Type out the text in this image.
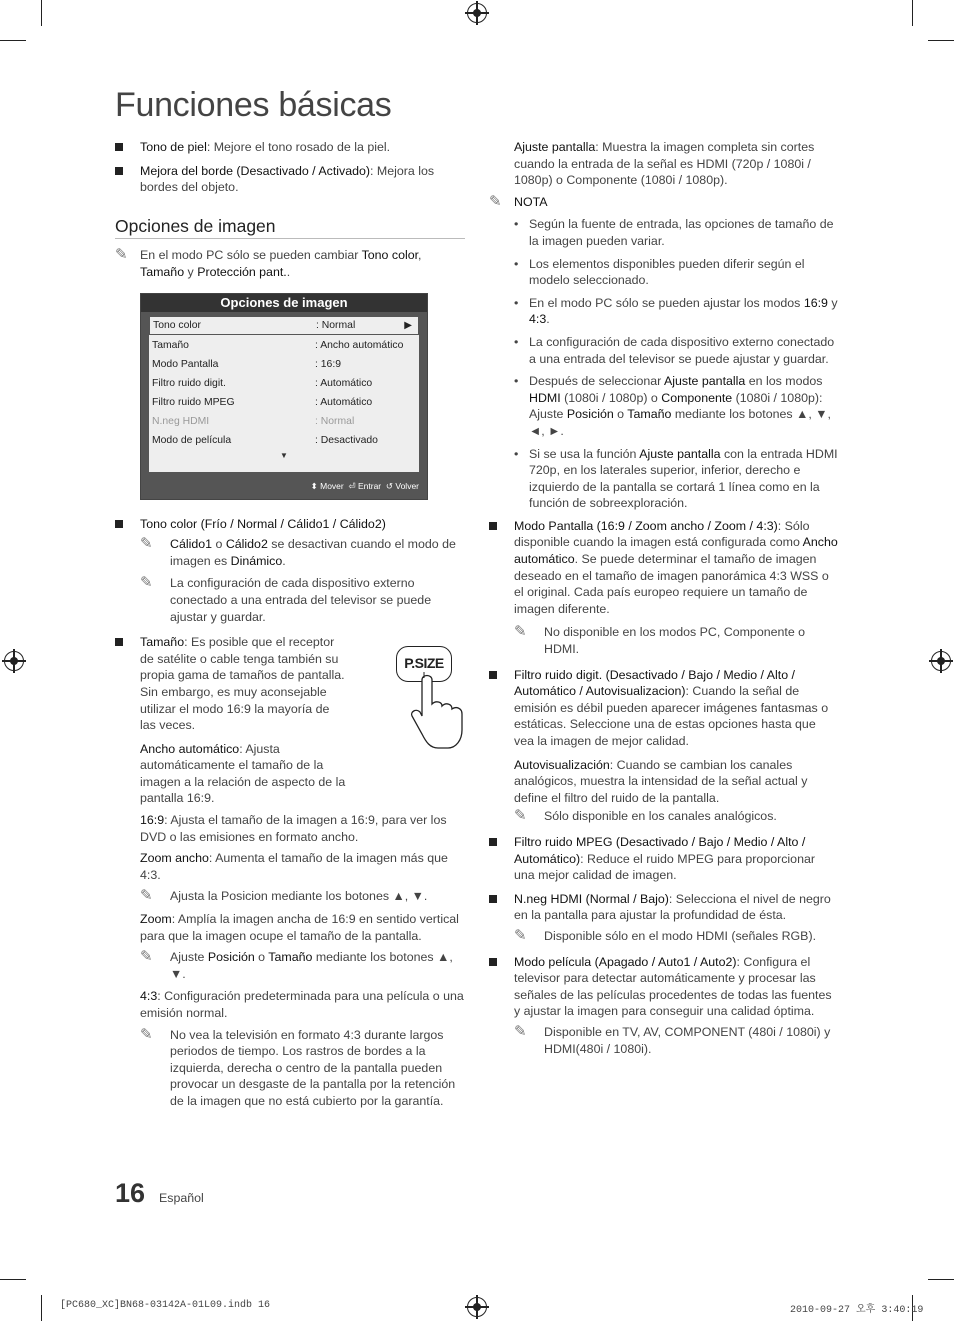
Funciones básicas
Tono de piel: Mejore el tono rosado de la piel.
Mejora del borde (Desactivado / Activado): Mejora los bordes del objeto.
Opciones de imagen
✎ En el modo PC sólo se pueden cambiar Tono color, Tamaño y Protección pant..
Opciones de imagen
Tono color	: Normal	▶
Tamaño	: Ancho automático
Modo Pantalla	: 16:9
Filtro ruido digit.	: Automático
Filtro ruido MPEG	: Automático
N.neg HDMI	: Normal
Modo de película	: Desactivado
▼
⬍ Mover ⏎ Entrar ↺ Volver
Tono color (Frío / Normal / Cálido1 / Cálido2)
✎ Cálido1 o Cálido2 se desactivan cuando el modo de imagen es Dinámico.
✎ La configuración de cada dispositivo externo conectado a una entrada del televisor se puede ajustar y guardar.
Tamaño: Es posible que el receptor de satélite o cable tenga también su propia gama de tamaños de pantalla. Sin embargo, es muy aconsejable utilizar el modo 16:9 la mayoría de las veces.
Ancho automático: Ajusta automáticamente el tamaño de la imagen a la relación de aspecto de la pantalla 16:9.
16:9: Ajusta el tamaño de la imagen a 16:9, para ver los DVD o las emisiones en formato ancho.
Zoom ancho: Aumenta el tamaño de la imagen más que 4:3.
✎ Ajusta la Posicion mediante los botones ▲, ▼.
Zoom: Amplía la imagen ancha de 16:9 en sentido vertical para que la imagen ocupe el tamaño de la pantalla.
✎ Ajuste Posición o Tamaño mediante los botones ▲, ▼.
4:3: Configuración predeterminada para una película o una emisión normal.
✎ No vea la televisión en formato 4:3 durante largos periodos de tiempo. Los rastros de bordes a la izquierda, derecha o centro de la pantalla pueden provocar un desgaste de la pantalla por la retención de la imagen que no está cubierto por la garantía.
P.SIZE
Ajuste pantalla: Muestra la imagen completa sin cortes cuando la entrada de la señal es HDMI (720p / 1080i / 1080p) o Componente (1080i / 1080p).
✎ NOTA
• Según la fuente de entrada, las opciones de tamaño de la imagen pueden variar.
• Los elementos disponibles pueden diferir según el modelo seleccionado.
• En el modo PC sólo se pueden ajustar los modos 16:9 y 4:3.
• La configuración de cada dispositivo externo conectado a una entrada del televisor se puede ajustar y guardar.
• Después de seleccionar Ajuste pantalla en los modos HDMI (1080i / 1080p) o Componente (1080i / 1080p): Ajuste Posición o Tamaño mediante los botones ▲, ▼, ◄, ►.
• Si se usa la función Ajuste pantalla con la entrada HDMI 720p, en los laterales superior, inferior, derecho e izquierdo de la pantalla se cortará 1 línea como en la función de sobreexploración.
Modo Pantalla (16:9 / Zoom ancho / Zoom / 4:3): Sólo disponible cuando la imagen está configurada como Ancho automático. Se puede determinar el tamaño de imagen deseado en el tamaño de imagen panorámica 4:3 WSS o el original. Cada país europeo requiere un tamaño de imagen diferente.
✎ No disponible en los modos PC, Componente o HDMI.
Filtro ruido digit. (Desactivado / Bajo / Medio / Alto / Automático / Autovisualizacion): Cuando la señal de emisión es débil pueden aparecer imágenes fantasmas o estáticas. Seleccione una de estas opciones hasta que vea la imagen de mejor calidad.
Autovisualización: Cuando se cambian los canales analógicos, muestra la intensidad de la señal actual y define el filtro del ruido de la pantalla.
✎ Sólo disponible en los canales analógicos.
Filtro ruido MPEG (Desactivado / Bajo / Medio / Alto / Automático): Reduce el ruido MPEG para proporcionar una mejor calidad de imagen.
N.neg HDMI (Normal / Bajo): Selecciona el nivel de negro en la pantalla para ajustar la profundidad de ésta.
✎ Disponible sólo en el modo HDMI (señales RGB).
Modo película (Apagado / Auto1 / Auto2): Configura el televisor para detectar automáticamente y procesar las señales de las películas procedentes de todas las fuentes y ajustar la imagen para conseguir una calidad óptima.
✎ Disponible en TV, AV, COMPONENT (480i / 1080i) y HDMI(480i / 1080i).
16 Español
[PC680_XC]BN68-03142A-01L09.indb 16	2010-09-27 오후 3:40:19
